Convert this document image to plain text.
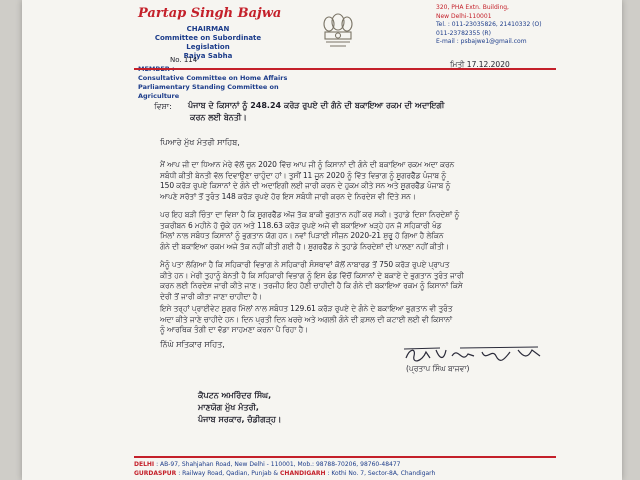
Partap Singh Bajwa
CHAIRMAN
Committee on Subordinate Legislation
Rajya Sabha
Consultative Committee on Home Affairs
Parliamentary Standing Committee on Agriculture
320, PHA Extn. Building,
New Delhi-110001
Tel. : 011-23035826, 21410332 (O)
011-23782355 (R)
E-mail : psbajwe1@gmail.com
No. 114	ਮਿਤੀ 17.12.2020
ਵਿਸ਼ਾ: ਪੰਜਾਬ ਦੇ ਕਿਸਾਨਾਂ ਨੂੰ 248.24 ਕਰੋੜ ਰੁਪਏ ਦੀ ਗੰਨੇ ਦੀ ਬਕਾਇਆ ਰਕਮ ਦੀ ਅਦਾਇਗੀ
ਕਰਨ ਲਈ ਬੇਨਤੀ।
ਪਿਆਰੇ ਮੁੱਖ ਮੰਤਰੀ ਸਾਹਿਬ,
ਮੈਂ ਆਪ ਜੀ ਦਾ ਧਿਆਨ ਮੇਰੇ ਵੱਲੋਂ ਚੁਨ 2020 ਵਿੱਚ ਆਪ ਜੀ ਨੂੰ ਕਿਸਾਨਾਂ ਦੀ ਗੰਨੇ ਦੀ ਬਕਾਇਆ ਰਕਮ ਅਦਾ ਕਰਨ
ਸਬੰਧੀ ਕੀਤੀ ਬੇਨਤੀ ਵੱਲ ਦਿਵਾਉਣਾ ਚਾਹੁੰਦਾ ਹਾਂ। ਤੁਸੀਂ 11 ਜੂਨ 2020 ਨੂੰ ਵਿੱਤ ਵਿਭਾਗ ਨੂੰ ਸ਼ੂਗਰਫੈੱਡ ਪੰਜਾਬ ਨੂੰ
150 ਕਰੋੜ ਰੁਪਏ ਕਿਸਾਨਾਂ ਦੇ ਗੰਨੇ ਦੀ ਅਦਾਇਗੀ ਲਈ ਜਾਰੀ ਕਰਨ ਦੇ ਹੁਕਮ ਕੀਤੇ ਸਨ ਅਤੇ ਸ਼ੂਗਰਫੈੱਡ ਪੰਜਾਬ ਨੂੰ
ਆਪਣੇ ਸਰੋਤਾਂ ਤੋਂ ਤੁਰੰਤ 148 ਕਰੋੜ ਰੁਪਏ ਹੋਰ ਇਸ ਸਬੰਧੀ ਜਾਰੀ ਕਰਨ ਦੇ ਨਿਰਦੇਸ਼ ਵੀ ਦਿੱਤੇ ਸਨ।
ਪਰ ਇਹ ਬੜੀ ਚਿੰਤਾ ਦਾ ਵਿਸ਼ਾ ਹੈ ਕਿ ਸ਼ੂਗਰਫੈੱਡ ਅੱਜ ਤੱਕ ਬਾਕੀ ਭੁਗਤਾਨ ਨਹੀਂ ਕਰ ਸਕੀ। ਤੁਹਾਡੇ ਦਿਸ਼ਾ ਨਿਰਦੇਸ਼ਾਂ ਨੂੰ
ਤਕਰੀਬਨ 6 ਮਹੀਨੇ ਹੋ ਚੁੱਕੇ ਹਨ ਅਤੇ 118.63 ਕਰੋੜ ਰੁਪਏ ਅਜੇ ਵੀ ਬਕਾਇਆ ਖੜ੍ਹੇ ਹਨ ਜੋ ਸਹਿਕਾਰੀ ਖੰਡ
ਮਿੱਲਾਂ ਨਾਲ ਸਬੰਧਤ ਕਿਸਾਨਾਂ ਨੂੰ ਭੁਗਤਾਨ ਯੋਗ ਹਨ। ਨਵਾਂ ਪਿੜਾਈ ਸੀਜ਼ਨ 2020-21 ਸ਼ੁਰੂ ਹੋ ਗਿਆ ਹੈ ਲੇਕਿਨ
ਗੰਨੇ ਦੀ ਬਕਾਇਆ ਰਕਮ ਅਜੇ ਤੱਕ ਨਹੀਂ ਕੀਤੀ ਗਈ ਹੈ। ਸ਼ੂਗਰਫੈੱਡ ਨੇ ਤੁਹਾਡੇ ਨਿਰਦੇਸ਼ਾਂ ਦੀ ਪਾਲਣਾ ਨਹੀਂ ਕੀਤੀ।
ਮੈਨੂੰ ਪਤਾ ਲੱਗਿਆ ਹੈ ਕਿ ਸਹਿਕਾਰੀ ਵਿਭਾਗ ਨੇ ਸਹਿਕਾਰੀ ਸੰਸਥਾਵਾਂ ਕੋਲੋਂ ਨਾਬਾਰਡ ਤੋਂ 750 ਕਰੋੜ ਰੁਪਏ ਪ੍ਰਾਪਤ
ਕੀਤੇ ਹਨ। ਮੇਰੀ ਤੁਹਾਨੂੰ ਬੇਨਤੀ ਹੈ ਕਿ ਸਹਿਕਾਰੀ ਵਿਭਾਗ ਨੂੰ ਇਸ ਫੰਡ ਵਿੱਚੋਂ ਕਿਸਾਨਾਂ ਦੇ ਬਕਾਏ ਦੇ ਭੁਗਤਾਨ ਤੁਰੰਤ ਜਾਰੀ
ਕਰਨ ਲਈ ਨਿਰਦੇਸ਼ ਜਾਰੀ ਕੀਤੇ ਜਾਣ। ਤਰਜੀਹ ਇਹ ਹੋਣੀ ਚਾਹੀਦੀ ਹੈ ਕਿ ਗੰਨੇ ਦੀ ਬਕਾਇਆ ਰਕਮ ਨੂੰ ਕਿਸਾਨਾਂ ਕਿਸੇ
ਦੇਰੀ ਤੋਂ ਜਾਰੀ ਕੀਤਾ ਜਾਣਾ ਚਾਹੀਦਾ ਹੈ।
ਇਸੇ ਤਰ੍ਹਾਂ ਪ੍ਰਾਈਵੇਟ ਸ਼ੂਗਰ ਮਿੱਲਾਂ ਨਾਲ ਸਬੰਧਤ 129.61 ਕਰੋੜ ਰੁਪਏ ਦੇ ਗੰਨੇ ਦੇ ਬਕਾਇਆ ਭੁਗਤਾਨ ਵੀ ਤੁਰੰਤ
ਅਦਾ ਕੀਤੇ ਜਾਣੇ ਚਾਹੀਦੇ ਹਨ। ਦਿਨ ਪ੍ਰਤੀ ਦਿਨ ਖ਼ਰਚੇ ਅਤੇ ਅਗਲੀ ਗੰਨੇ ਦੀ ਫ਼ਸਲ ਦੀ ਕਟਾਈ ਲਈ ਵੀ ਕਿਸਾਨਾਂ
ਨੂੰ ਆਰਥਿਕ ਤੰਗੀ ਦਾ ਵੱਡਾ ਸਾਹਮਣਾ ਕਰਨਾ ਪੈ ਰਿਹਾ ਹੈ।
ਨਿੱਘੇ ਸਤਿਕਾਰ ਸਹਿਤ,
(ਪ੍ਰਤਾਪ ਸਿੰਘ ਬਾਜਵਾ)
ਕੈਪਟਨ ਅਮਰਿੰਦਰ ਸਿੰਘ,
ਮਾਣਯੋਗ ਮੁੱਖ ਮੰਤਰੀ,
ਪੰਜਾਬ ਸਰਕਾਰ, ਚੰਡੀਗੜ੍ਹ।
DELHI : AB-97, Shahjahan Road, New Delhi - 110001, Mob.: 98788-70206, 98760-48477
GURDASPUR : Railway Road, Qadian, Punjab & CHANDIGARH : Kothi No. 7, Sector-8A, Chandigarh
